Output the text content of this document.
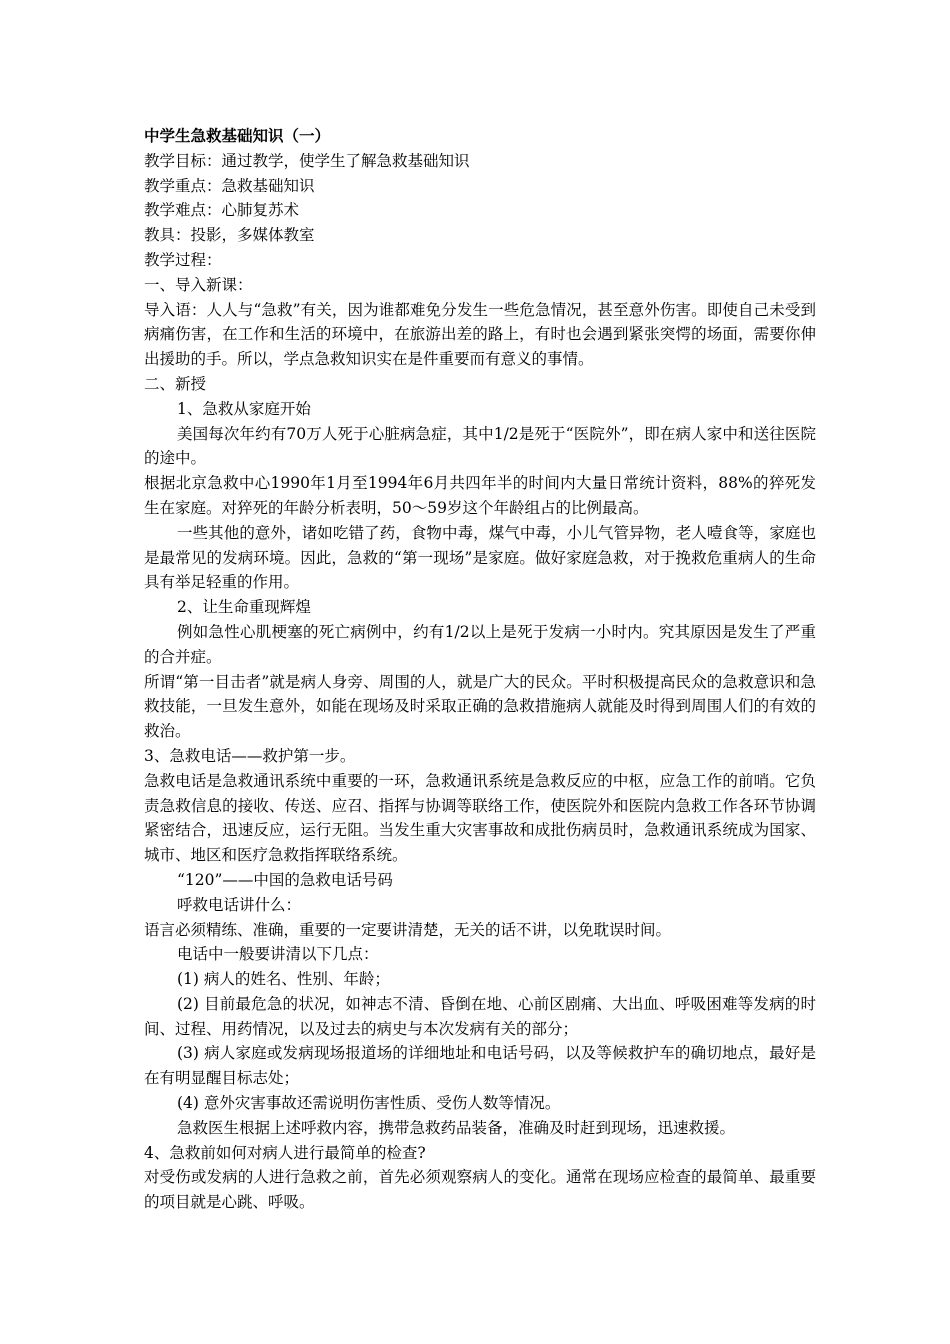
中学生急救基础知识（一）

教学目标：通过教学，使学生了解急救基础知识

教学重点：急救基础知识

教学难点：心肺复苏术

教具：投影，多媒体教室

教学过程：

一、导入新课：

导入语：人人与“急救”有关，因为谁都难免分发生一些危急情况，甚至意外伤害。即使自己未受到病痛伤害，在工作和生活的环境中，在旅游出差的路上，有时也会遇到紧张突愕的场面，需要你伸出援助的手。所以，学点急救知识实在是件重要而有意义的事情。

二、新授

1、急救从家庭开始

美国每次年约有70万人死于心脏病急症，其中1/2是死于“医院外”，即在病人家中和送往医院的途中。

根据北京急救中心1990年1月至1994年6月共四年半的时间内大量日常统计资料，88%的猝死发生在家庭。对猝死的年龄分析表明，50～59岁这个年龄组占的比例最高。

一些其他的意外，诸如吃错了药，食物中毒，煤气中毒，小儿气管异物，老人噎食等，家庭也是最常见的发病环境。因此，急救的“第一现场”是家庭。做好家庭急救，对于挽救危重病人的生命具有举足轻重的作用。

2、让生命重现辉煌

例如急性心肌梗塞的死亡病例中，约有1/2以上是死于发病一小时内。究其原因是发生了严重的合并症。

所谓“第一目击者”就是病人身旁、周围的人，就是广大的民众。平时积极提高民众的急救意识和急救技能，一旦发生意外，如能在现场及时采取正确的急救措施病人就能及时得到周围人们的有效的救治。

3、急救电话——救护第一步。

急救电话是急救通讯系统中重要的一环，急救通讯系统是急救反应的中枢，应急工作的前哨。它负责急救信息的接收、传送、应召、指挥与协调等联络工作，使医院外和医院内急救工作各环节协调紧密结合，迅速反应，运行无阻。当发生重大灾害事故和成批伤病员时，急救通讯系统成为国家、城市、地区和医疗急救指挥联络系统。

“120”——中国的急救电话号码

呼救电话讲什么：

语言必须精练、准确，重要的一定要讲清楚，无关的话不讲，以免耽误时间。

电话中一般要讲清以下几点：

(1) 病人的姓名、性别、年龄；

(2) 目前最危急的状况，如神志不清、昏倒在地、心前区剧痛、大出血、呼吸困难等发病的时间、过程、用药情况，以及过去的病史与本次发病有关的部分；

(3) 病人家庭或发病现场报道场的详细地址和电话号码，以及等候救护车的确切地点，最好是在有明显醒目标志处；

(4) 意外灾害事故还需说明伤害性质、受伤人数等情况。

急救医生根据上述呼救内容，携带急救药品装备，准确及时赶到现场，迅速救援。

4、急救前如何对病人进行最简单的检查?

对受伤或发病的人进行急救之前，首先必须观察病人的变化。通常在现场应检查的最简单、最重要的项目就是心跳、呼吸。
